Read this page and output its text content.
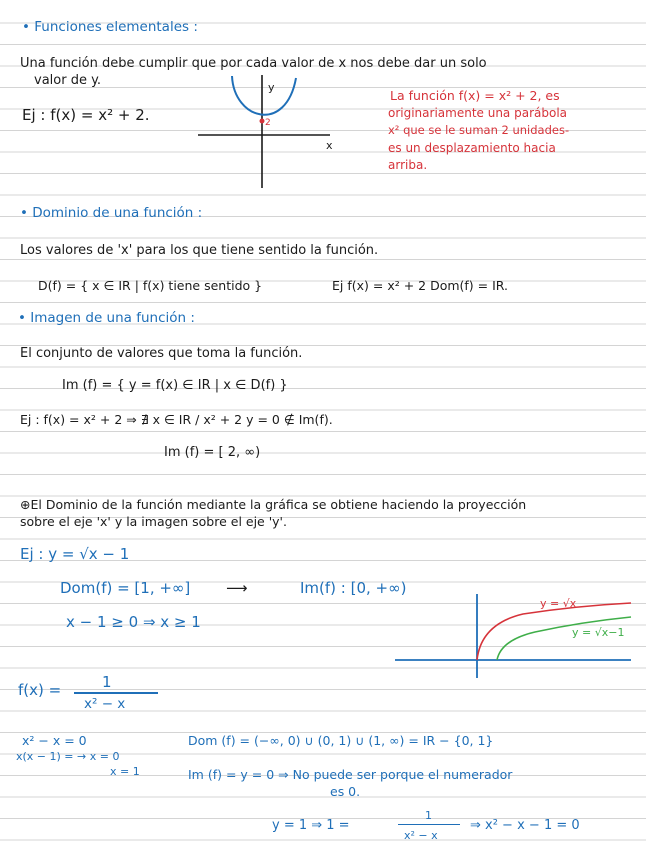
• Funciones elementales :
Una función debe cumplir que por cada valor de x nos debe dar un solo
valor de y.
Ej : f(x) = x² + 2.
y
x
2
La función f(x) = x² + 2, es
originariamente una parábola
x² que se le suman 2 unidades-
es un desplazamiento hacia
arriba.
• Dominio de una función :
Los valores de 'x' para los que tiene sentido la función.
D(f) = { x ∈ IR | f(x) tiene sentido }	Ej f(x) = x² + 2 Dom(f) = IR.
• Imagen de una función :
El conjunto de valores que toma la función.
Im (f) = { y = f(x) ∈ IR | x ∈ D(f) }
Ej : f(x) = x² + 2 ⇒ ∄ x ∈ IR / x² + 2 y = 0 ∉ Im(f).
Im (f) = [ 2, ∞)
⊕El Dominio de la función mediante la gráfica se obtiene haciendo la proyección
sobre el eje 'x' y la imagen sobre el eje 'y'.
Ej : y = √x − 1
Dom(f) = [1, +∞] ⟶	Im(f) : [0, +∞)
x − 1 ≥ 0 ⇒ x ≥ 1
y = √x
y = √x−1
f(x) =	1
x² − x
x² − x = 0
x(x − 1) = → x = 0
x = 1
Dom (f) = (−∞, 0) ∪ (0, 1) ∪ (1, ∞) = IR − {0, 1}
Im (f) = y = 0 ⇒ No puede ser porque el numerador
es 0.
y = 1 ⇒ 1 =
1
x² − x
⇒ x² − x − 1 = 0
